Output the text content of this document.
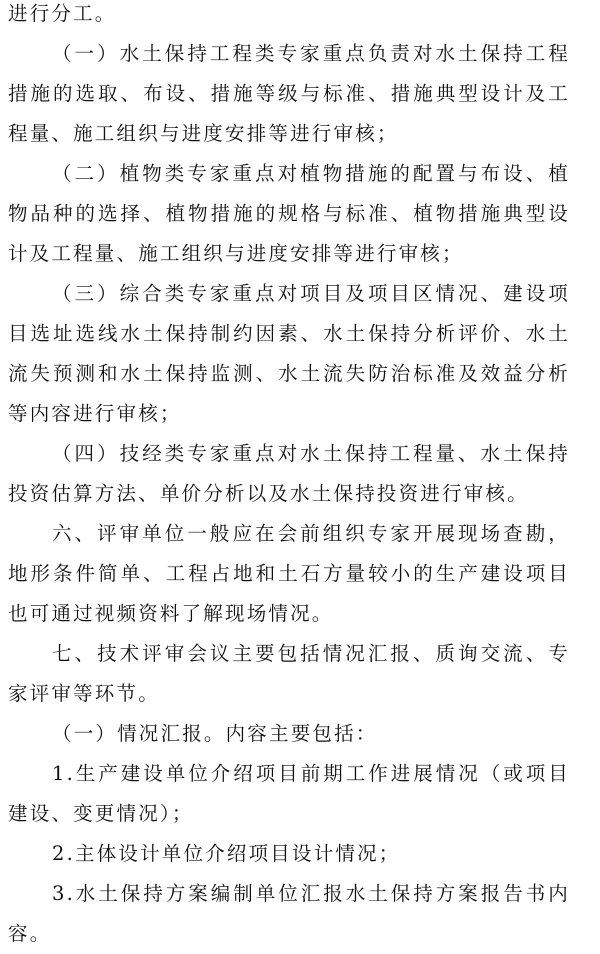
进行分工。

（一）水土保持工程类专家重点负责对水土保持工程措施的选取、布设、措施等级与标准、措施典型设计及工程量、施工组织与进度安排等进行审核；

（二）植物类专家重点对植物措施的配置与布设、植物品种的选择、植物措施的规格与标准、植物措施典型设计及工程量、施工组织与进度安排等进行审核；

（三）综合类专家重点对项目及项目区情况、建设项目选址选线水土保持制约因素、水土保持分析评价、水土流失预测和水土保持监测、水土流失防治标准及效益分析等内容进行审核；

（四）技经类专家重点对水土保持工程量、水土保持投资估算方法、单价分析以及水土保持投资进行审核。

六、评审单位一般应在会前组织专家开展现场查勘，地形条件简单、工程占地和土石方量较小的生产建设项目也可通过视频资料了解现场情况。

七、技术评审会议主要包括情况汇报、质询交流、专家评审等环节。

（一）情况汇报。内容主要包括：

1.生产建设单位介绍项目前期工作进展情况（或项目建设、变更情况）；

2.主体设计单位介绍项目设计情况；

3.水土保持方案编制单位汇报水土保持方案报告书内容。
